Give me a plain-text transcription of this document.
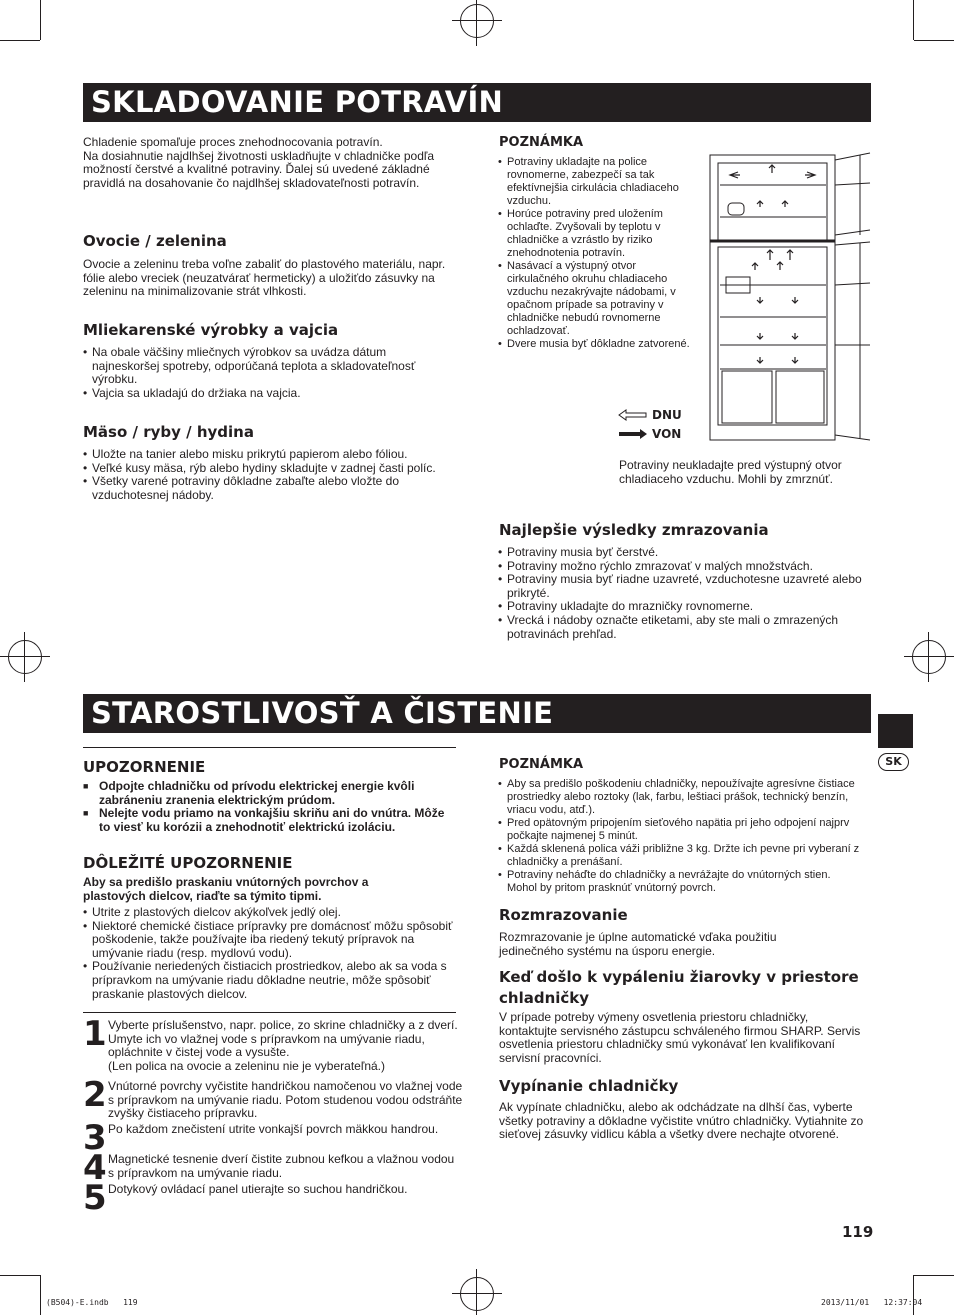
SKLADOVANIE POTRAVÍN
Chladenie spomaľuje proces znehodnocovania potravín.
Na dosiahnutie najdlhšej životnosti uskladňujte v chladničke podľa možností čerstvé a kvalitné potraviny. Ďalej sú uvedené základné pravidlá na dosahovanie čo najdlhšej skladovateľnosti potravín.
Ovocie / zelenina
Ovocie a zeleninu treba voľne zabaliť do plastového materiálu, napr. fólie alebo vreciek (neuzatvárať hermeticky) a uložiťdo zásuvky na zeleninu na minimalizovanie strát vlhkosti.
Mliekarenské výrobky a vajcia
• Na obale väčšiny mliečnych výrobkov sa uvádza dátum najneskoršej spotreby, odporúčaná teplota a skladovateľnosť výrobku.
• Vajcia sa ukladajú do držiaka na vajcia.
Mäso / ryby / hydina
• Uložte na tanier alebo misku prikrytú papierom alebo fóliou.
• Veľké kusy mäsa, rýb alebo hydiny skladujte v zadnej časti políc.
• Všetky varené potraviny dôkladne zabaľte alebo vložte do vzduchotesnej nádoby.
POZNÁMKA
• Potraviny ukladajte na police rovnomerne, zabezpečí sa tak efektívnejšia cirkulácia chladiaceho vzduchu.
• Horúce potraviny pred uložením ochlaďte. Zvyšovali by teplotu v chladničke a vzrástlo by riziko znehodnotenia potravín.
• Nasávací a výstupný otvor cirkulačného okruhu chladiaceho vzduchu nezakrývajte nádobami, v opačnom prípade sa potraviny v chladničke nebudú rovnomerne ochladzovať.
• Dvere musia byť dôkladne zatvorené.
DNU
VON
Potraviny neukladajte pred výstupný otvor chladiaceho vzduchu. Mohli by zmrznúť.
Najlepšie výsledky zmrazovania
• Potraviny musia byť čerstvé.
• Potraviny možno rýchlo zmrazovať v malých množstvách.
• Potraviny musia byť riadne uzavreté, vzduchotesne uzavreté alebo prikryté.
• Potraviny ukladajte do mrazničky rovnomerne.
• Vrecká i nádoby označte etiketami, aby ste mali o zmrazených potravinách prehľad.
STAROSTLIVOSŤ A ČISTENIE
SK
UPOZORNENIE
■ Odpojte chladničku od prívodu elektrickej energie kvôli zabráneniu zranenia elektrickým prúdom.
■ Nelejte vodu priamo na vonkajšiu skriňu ani do vnútra. Môže to viesť ku korózii a znehodnotiť elektrickú izoláciu.
DÔLEŽITÉ UPOZORNENIE
Aby sa predišlo praskaniu vnútorných povrchov a plastových dielcov, riaďte sa týmito tipmi.
• Utrite z plastových dielcov akýkoľvek jedlý olej.
• Niektoré chemické čistiace prípravky pre domácnosť môžu spôsobiť poškodenie, takže používajte iba riedený tekutý prípravok na umývanie riadu (resp. mydlovú vodu).
• Používanie neriedených čistiacich prostriedkov, alebo ak sa voda s prípravkom na umývanie riadu dôkladne neutrie, môže spôsobiť praskanie plastových dielcov.
1 Vyberte príslušenstvo, napr. police, zo skrine chladničky a z dverí. Umyte ich vo vlažnej vode s prípravkom na umývanie riadu, opláchnite v čistej vode a vysušte.
(Len polica na ovocie a zeleninu nie je vyberateľná.)
2 Vnútorné povrchy vyčistite handričkou namočenou vo vlažnej vode s prípravkom na umývanie riadu. Potom studenou vodou odstráňte zvyšky čistiaceho prípravku.
3 Po každom znečistení utrite vonkajší povrch mäkkou handrou.
4 Magnetické tesnenie dverí čistite zubnou kefkou a vlažnou vodou s prípravkom na umývanie riadu.
5 Dotykový ovládací panel utierajte so suchou handričkou.
POZNÁMKA
• Aby sa predišlo poškodeniu chladničky, nepoužívajte agresívne čistiace prostriedky alebo roztoky (lak, farbu, leštiaci prášok, technický benzín, vriacu vodu, atď.).
• Pred opätovným pripojením sieťového napätia pri jeho odpojení najprv počkajte najmenej 5 minút.
• Každá sklenená polica váži približne 3 kg. Držte ich pevne pri vyberaní z chladničky a prenášaní.
• Potraviny neháďte do chladničky a nevrážajte do vnútorných stien. Mohol by pritom prasknúť vnútorný povrch.
Rozmrazovanie
Rozmrazovanie je úplne automatické vďaka použitiu jedinečného systému na úsporu energie.
Keď došlo k vypáleniu žiarovky v priestore chladničky
V prípade potreby výmeny osvetlenia priestoru chladničky, kontaktujte servisného zástupcu schváleného firmou SHARP. Servis osvetlenia priestoru chladničky smú vykonávať len kvalifikovaní servisní pracovníci.
Vypínanie chladničky
Ak vypínate chladničku, alebo ak odchádzate na dlhší čas, vyberte všetky potraviny a dôkladne vyčistite vnútro chladničky. Vytiahnite zo sieťovej zásuvky vidlicu kábla a všetky dvere nechajte otvorené.
119
(B504)-E.indb   119	2013/11/01   12:37:04
